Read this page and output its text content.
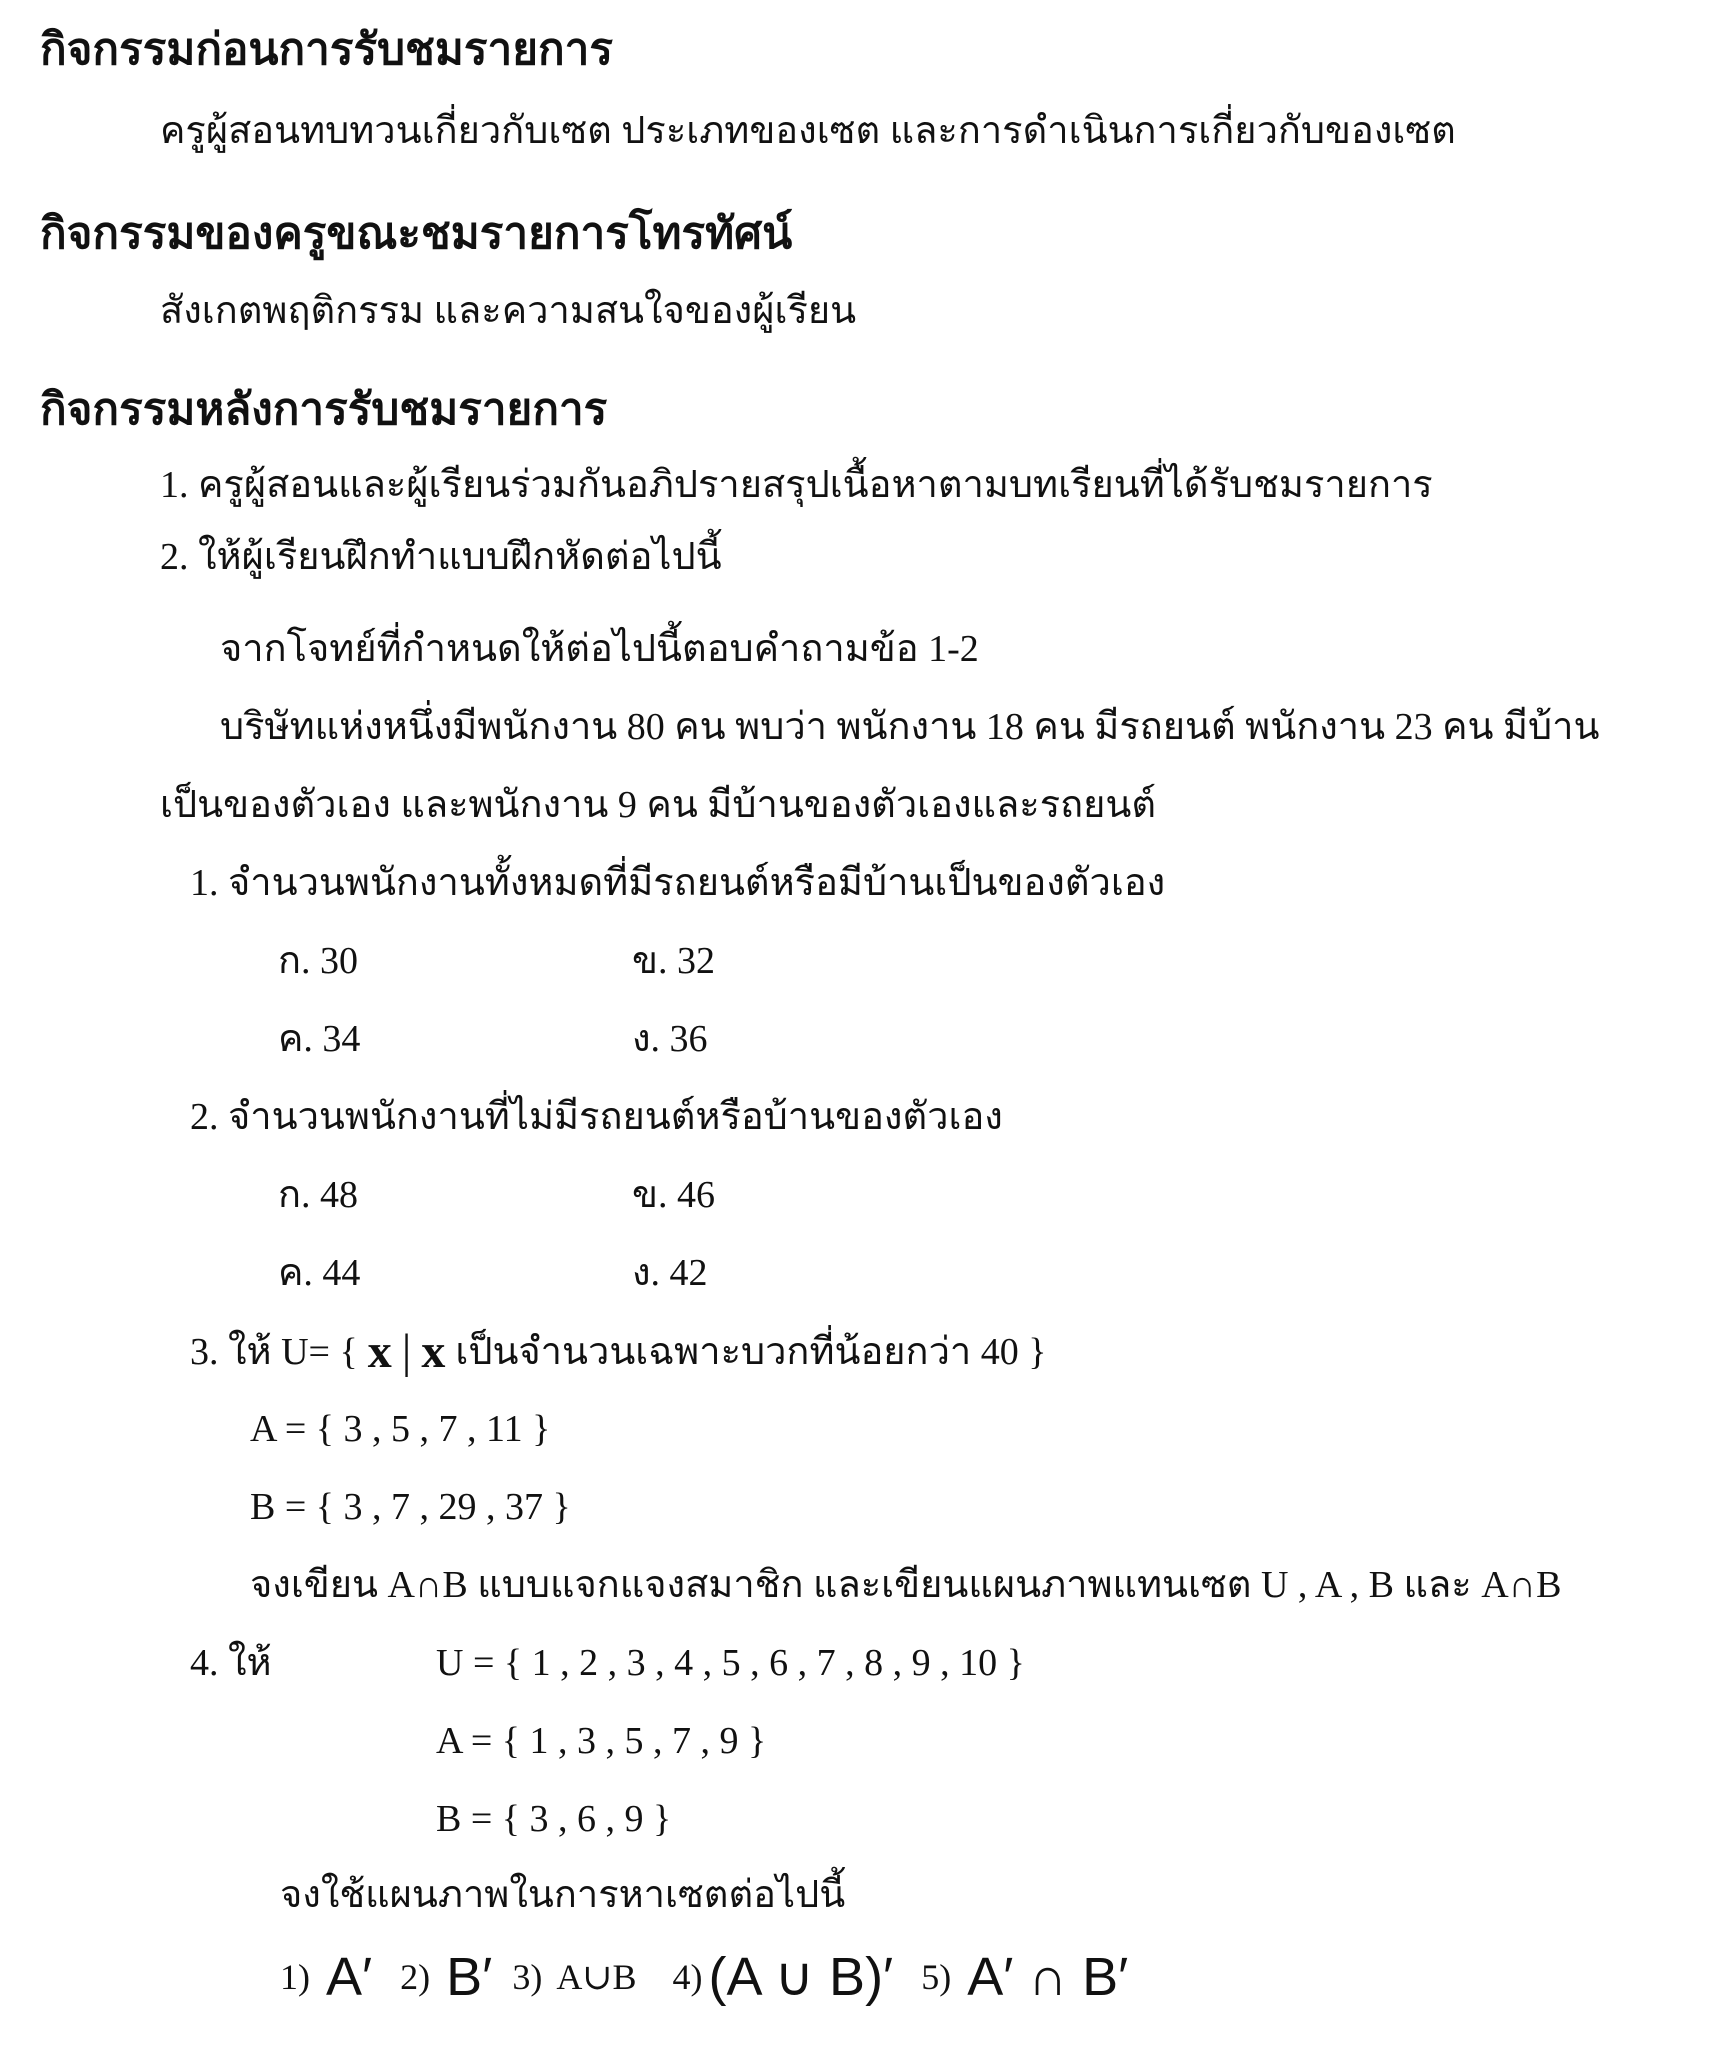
กิจกรรมก่อนการรับชมรายการ
ครูผู้สอนทบทวนเกี่ยวกับเซต ประเภทของเซต และการดำเนินการเกี่ยวกับของเซต
กิจกรรมของครูขณะชมรายการโทรทัศน์
สังเกตพฤติกรรม และความสนใจของผู้เรียน
กิจกรรมหลังการรับชมรายการ
1. ครูผู้สอนและผู้เรียนร่วมกันอภิปรายสรุปเนื้อหาตามบทเรียนที่ได้รับชมรายการ
2. ให้ผู้เรียนฝึกทำแบบฝึกหัดต่อไปนี้
จากโจทย์ที่กำหนดให้ต่อไปนี้ตอบคำถามข้อ 1-2
บริษัทแห่งหนึ่งมีพนักงาน 80 คน พบว่า พนักงาน 18 คน มีรถยนต์ พนักงาน 23 คน มีบ้าน
เป็นของตัวเอง และพนักงาน 9 คน มีบ้านของตัวเองและรถยนต์
1. จำนวนพนักงานทั้งหมดที่มีรถยนต์หรือมีบ้านเป็นของตัวเอง
ก. 30	ข. 32
ค. 34	ง. 36
2. จำนวนพนักงานที่ไม่มีรถยนต์หรือบ้านของตัวเอง
ก. 48	ข. 46
ค. 44	ง. 42
3. ให้ U= { x | x เป็นจำนวนเฉพาะบวกที่น้อยกว่า 40 }
A = { 3 , 5 , 7 , 11 }
B = { 3 , 7 , 29 , 37 }
จงเขียน A∩B แบบแจกแจงสมาชิก และเขียนแผนภาพแทนเซต U , A , B และ A∩B
4. ให้	U = { 1 , 2 , 3 , 4 , 5 , 6 , 7 , 8 , 9 , 10 }
A = { 1 , 3 , 5 , 7 , 9 }
B = { 3 , 6 , 9 }
จงใช้แผนภาพในการหาเซตต่อไปนี้
1) A′ 2) B′ 3) A∪B 4) (A ∪ B)′ 5) A′ ∩ B′
